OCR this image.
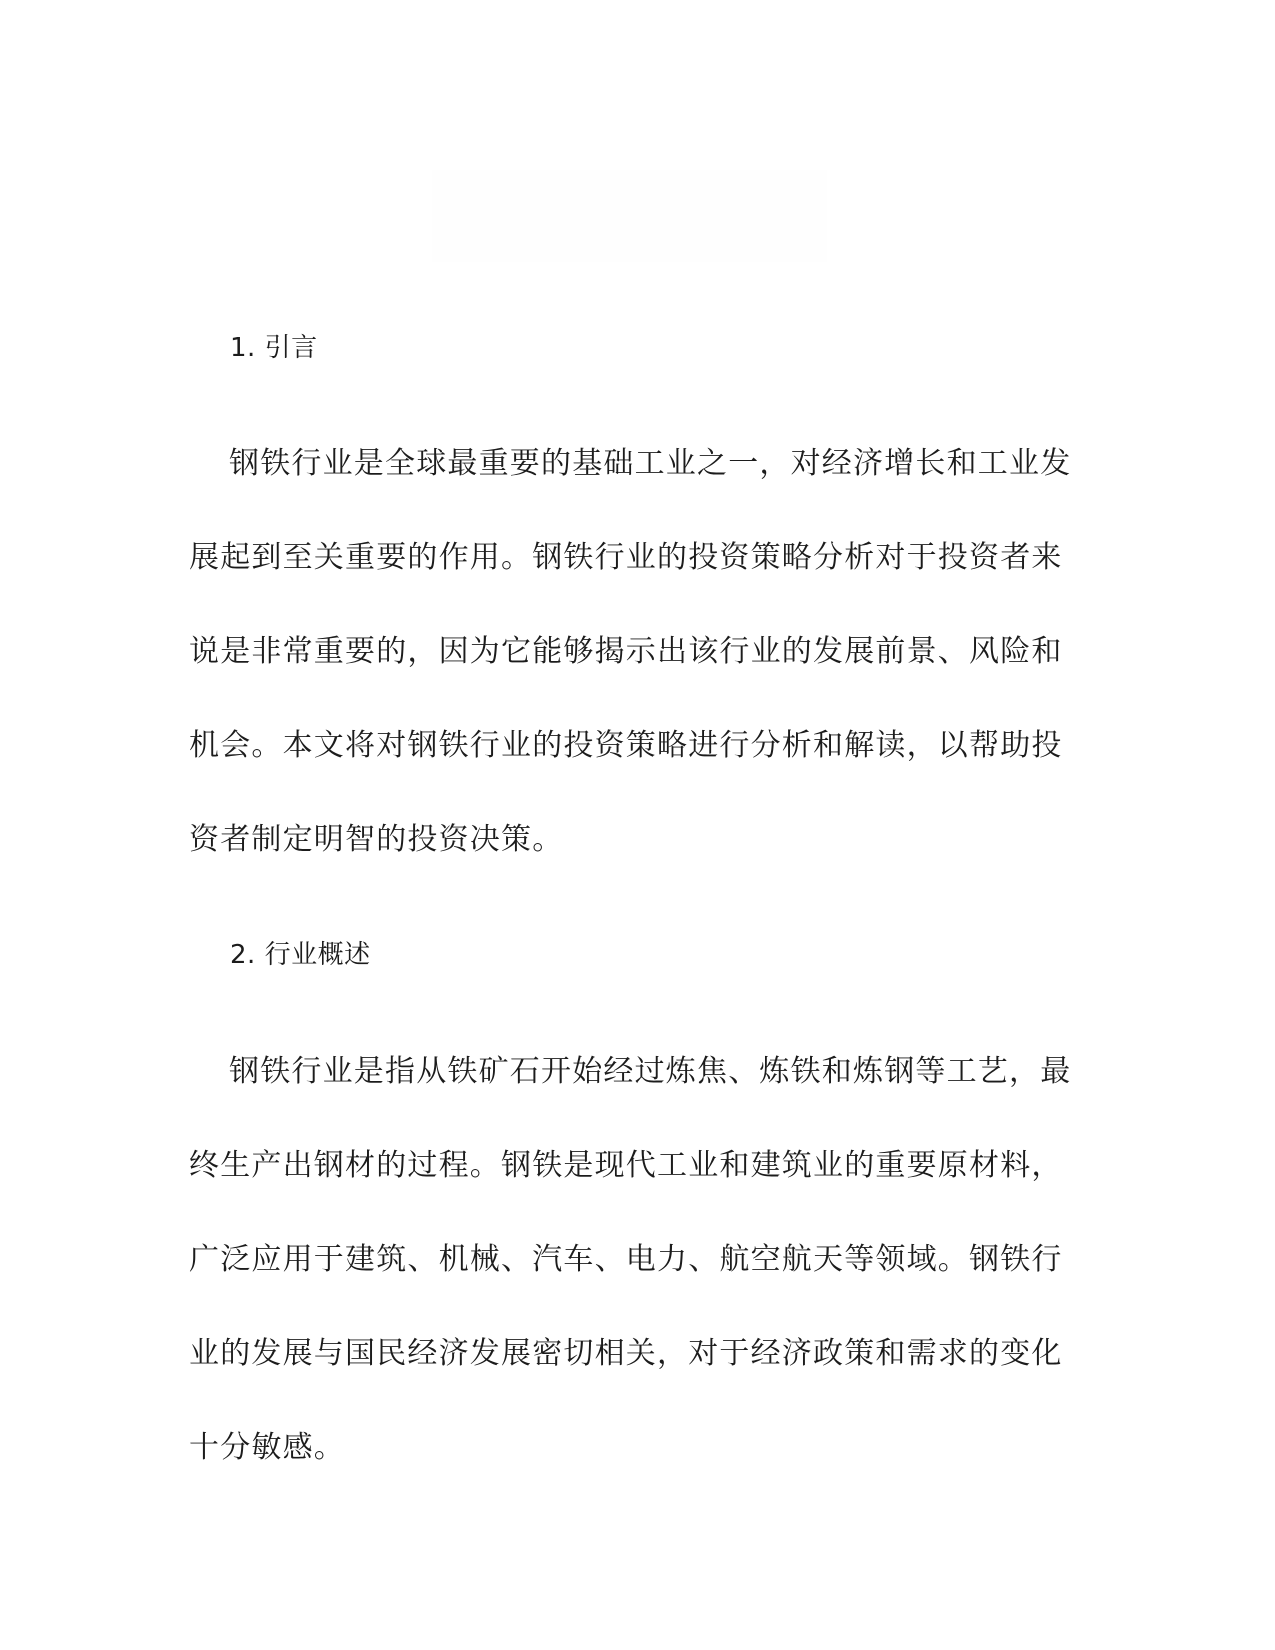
1. 引言

钢铁行业是全球最重要的基础工业之一，对经济增长和工业发展起到至关重要的作用。钢铁行业的投资策略分析对于投资者来说是非常重要的，因为它能够揭示出该行业的发展前景、风险和机会。本文将对钢铁行业的投资策略进行分析和解读，以帮助投资者制定明智的投资决策。

2. 行业概述

钢铁行业是指从铁矿石开始经过炼焦、炼铁和炼钢等工艺，最终生产出钢材的过程。钢铁是现代工业和建筑业的重要原材料，广泛应用于建筑、机械、汽车、电力、航空航天等领域。钢铁行业的发展与国民经济发展密切相关，对于经济政策和需求的变化十分敏感。
